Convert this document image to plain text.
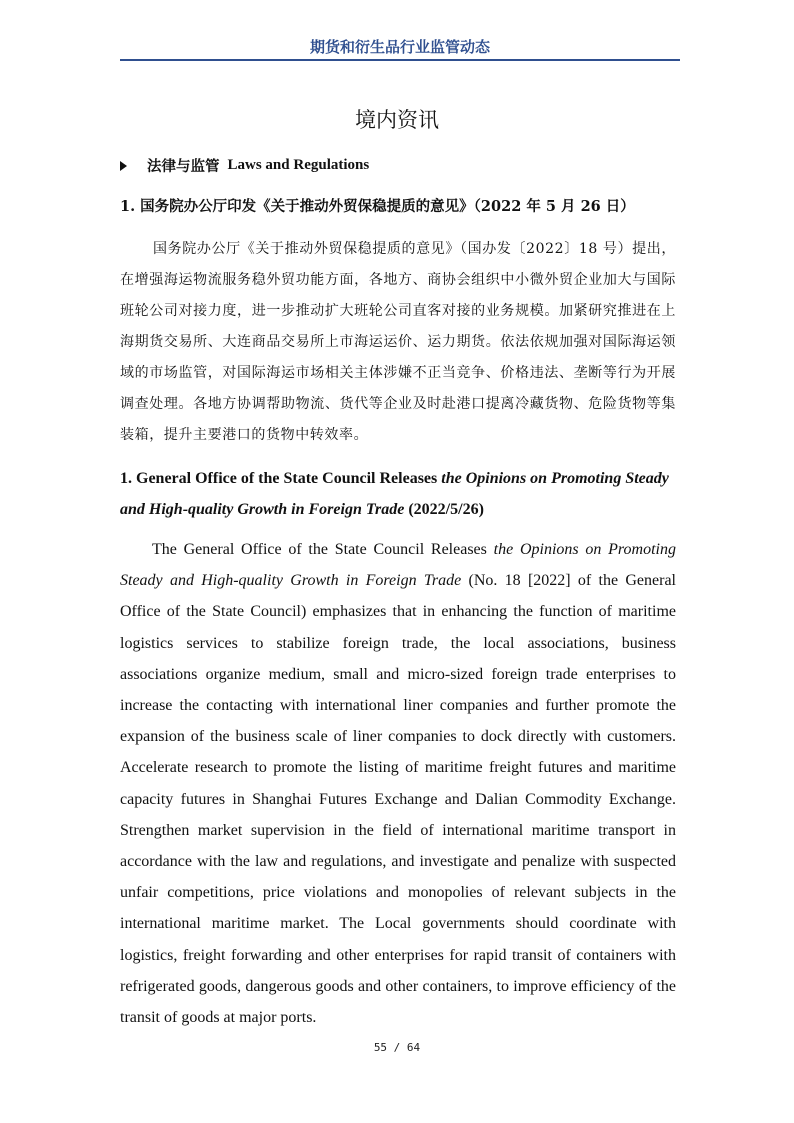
期货和衍生品行业监管动态
境内资讯
法律与监管 Laws and Regulations
1. 国务院办公厅印发《关于推动外贸保稳提质的意见》（2022 年 5 月 26 日）
国务院办公厅《关于推动外贸保稳提质的意见》（国办发〔2022〕18 号）提出，在增强海运物流服务稳外贸功能方面，各地方、商协会组织中小微外贸企业加大与国际班轮公司对接力度，进一步推动扩大班轮公司直客对接的业务规模。加紧研究推进在上海期货交易所、大连商品交易所上市海运运价、运力期货。依法依规加强对国际海运领域的市场监管，对国际海运市场相关主体涉嫌不正当竞争、价格违法、垄断等行为开展调查处理。各地方协调帮助物流、货代等企业及时赴港口提离冷藏货物、危险货物等集装箱，提升主要港口的货物中转效率。
1. General Office of the State Council Releases the Opinions on Promoting Steady and High-quality Growth in Foreign Trade (2022/5/26)
The General Office of the State Council Releases the Opinions on Promoting Steady and High-quality Growth in Foreign Trade (No. 18 [2022] of the General Office of the State Council) emphasizes that in enhancing the function of maritime logistics services to stabilize foreign trade, the local associations, business associations organize medium, small and micro-sized foreign trade enterprises to increase the contacting with international liner companies and further promote the expansion of the business scale of liner companies to dock directly with customers. Accelerate research to promote the listing of maritime freight futures and maritime capacity futures in Shanghai Futures Exchange and Dalian Commodity Exchange. Strengthen market supervision in the field of international maritime transport in accordance with the law and regulations, and investigate and penalize with suspected unfair competitions, price violations and monopolies of relevant subjects in the international maritime market. The Local governments should coordinate with logistics, freight forwarding and other enterprises for rapid transit of containers with refrigerated goods, dangerous goods and other containers, to improve efficiency of the transit of goods at major ports.
55 / 64
